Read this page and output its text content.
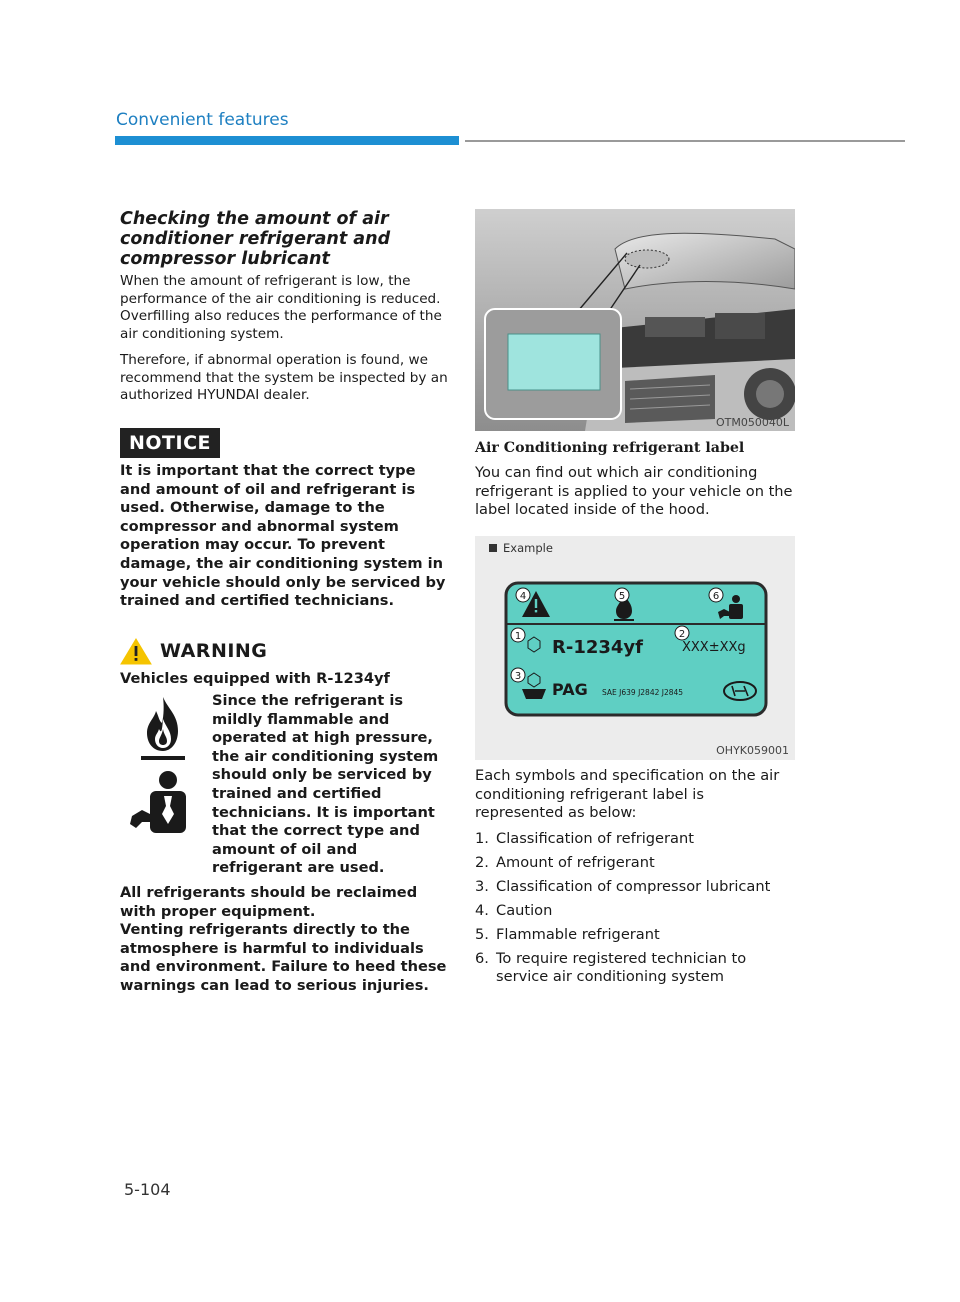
Convenient features
Checking the amount of air conditioner refrigerant and compressor lubricant

When the amount of refrigerant is low, the performance of the air conditioning is reduced. Overfilling also reduces the performance of the air conditioning system.

Therefore, if abnormal operation is found, we recommend that the system be inspected by an authorized HYUNDAI dealer.

NOTICE
It is important that the correct type and amount of oil and refrigerant is used. Otherwise, damage to the compressor and abnormal system operation may occur. To prevent damage, the air conditioning system in your vehicle should only be serviced by trained and certified technicians.
WARNING
Vehicles equipped with R-1234yf
Since the refrigerant is mildly flammable and operated at high pressure, the air conditioning system should only be serviced by trained and certified technicians. It is important that the correct type and amount of oil and refrigerant are used.
All refrigerants should be reclaimed with proper equipment.
Venting refrigerants directly to the atmosphere is harmful to individuals and environment. Failure to heed these warnings can lead to serious injuries.
OTM050040L
Air Conditioning refrigerant label

You can find out which air conditioning refrigerant is applied to your vehicle on the label located inside of the hood.

Example
R-1234yf	XXX±XXg
PAG SAE J639 J2842 J2845
4	5	6
1	2
3
OHYK059001

Each symbols and specification on the air conditioning refrigerant label is represented as below:

1. Classification of refrigerant
2. Amount of refrigerant
3. Classification of compressor lubricant
4. Caution
5. Flammable refrigerant
6. To require registered technician to service air conditioning system
5-104
